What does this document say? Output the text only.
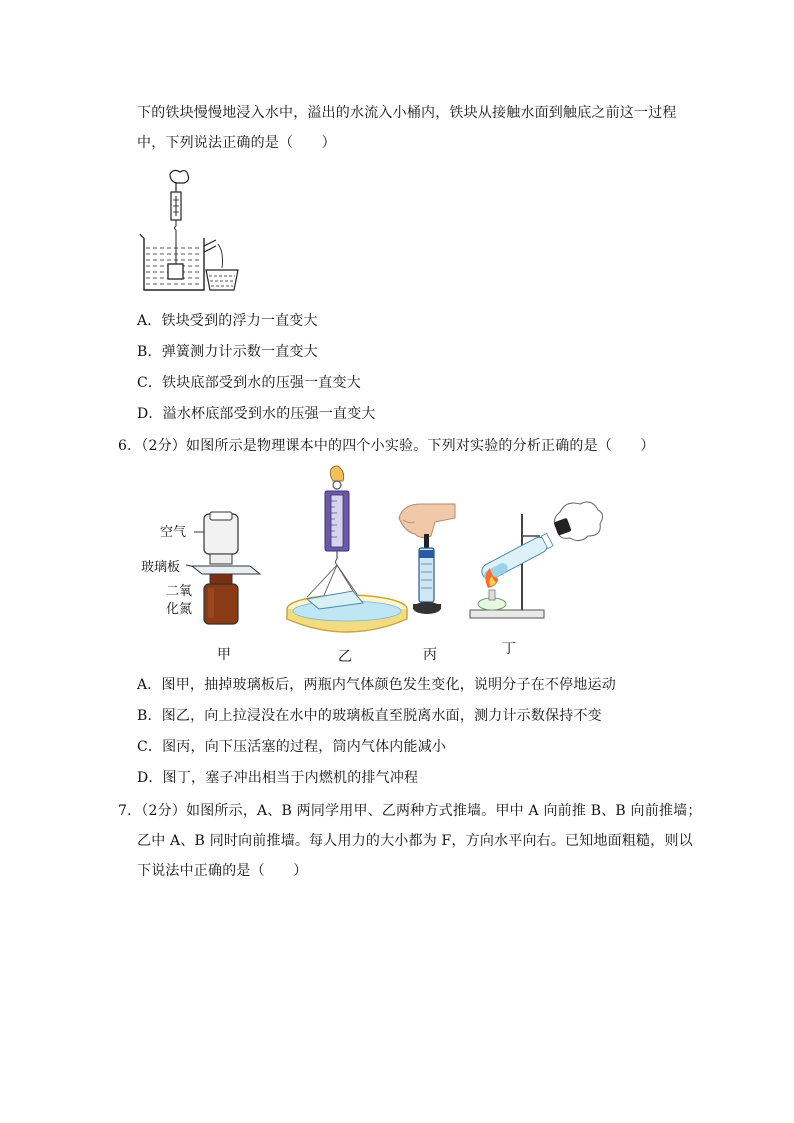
下的铁块慢慢地浸入水中，溢出的水流入小桶内，铁块从接触水面到触底之前这一过程
中，下列说法正确的是（　　）
A．铁块受到的浮力一直变大
B．弹簧测力计示数一直变大
C．铁块底部受到水的压强一直变大
D．溢水杯底部受到水的压强一直变大
6．（2分）如图所示是物理课本中的四个小实验。下列对实验的分析正确的是（　　）
空气
玻璃板
二氧
化氮
甲	乙	丙	丁
A．图甲，抽掉玻璃板后，两瓶内气体颜色发生变化，说明分子在不停地运动
B．图乙，向上拉浸没在水中的玻璃板直至脱离水面，测力计示数保持不变
C．图丙，向下压活塞的过程，筒内气体内能减小
D．图丁，塞子冲出相当于内燃机的排气冲程
7．（2分）如图所示，A、B 两同学用甲、乙两种方式推墙。甲中 A 向前推 B、B 向前推墙；
乙中 A、B 同时向前推墙。每人用力的大小都为 F，方向水平向右。已知地面粗糙，则以
下说法中正确的是（　　）
